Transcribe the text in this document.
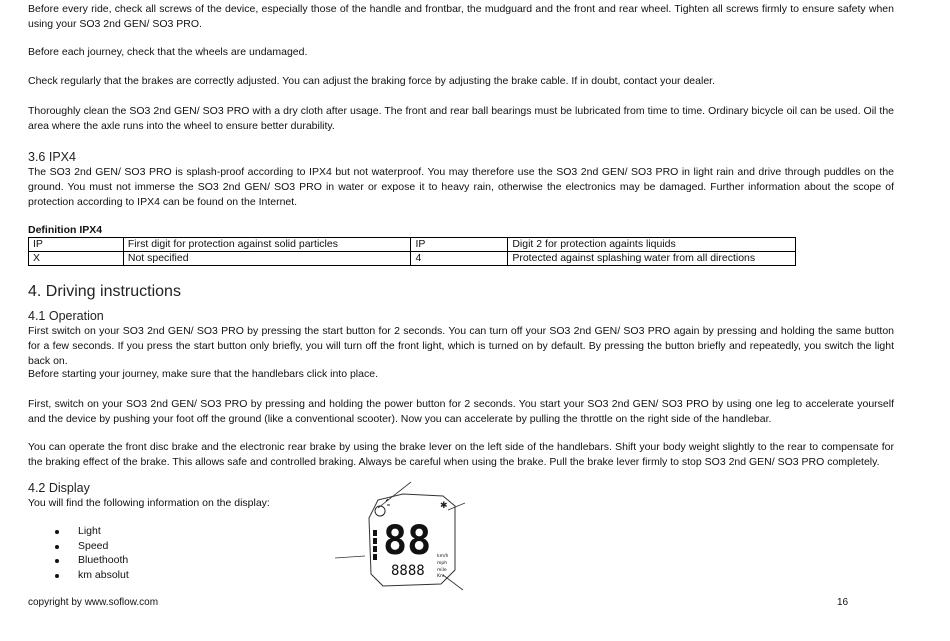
Before every ride, check all screws of the device, especially those of the handle and frontbar, the mudguard and the front and rear wheel. Tighten all screws firmly to ensure safety when using your SO3 2nd GEN/ SO3 PRO.

Before each journey, check that the wheels are undamaged.

Check regularly that the brakes are correctly adjusted. You can adjust the braking force by adjusting the brake cable. If in doubt, contact your dealer.

Thoroughly clean the SO3 2nd GEN/ SO3 PRO with a dry cloth after usage. The front and rear ball bearings must be lubricated from time to time. Ordinary bicycle oil can be used. Oil the area where the axle runs into the wheel to ensure better durability.

3.6 IPX4

The SO3 2nd GEN/ SO3 PRO is splash-proof according to IPX4 but not waterproof. You may therefore use the SO3 2nd GEN/ SO3 PRO in light rain and drive through puddles on the ground. You must not immerse the SO3 2nd GEN/ SO3 PRO in water or expose it to heavy rain, otherwise the electronics may be damaged. Further information about the scope of protection according to IPX4 can be found on the Internet.

Definition IPX4
IP	First digit for protection against solid particles	IP	Digit 2 for protection againts liquids
X	Not specified	4	Protected against splashing water from all directions
4. Driving instructions
4.1 Operation

First switch on your SO3 2nd GEN/ SO3 PRO by pressing the start button for 2 seconds. You can turn off your SO3 2nd GEN/ SO3 PRO again by pressing and holding the same button for a few seconds. If you press the start button only briefly, you will turn off the front light, which is turned on by default. By pressing the button briefly and repeatedly, you switch the light back on.

Before starting your journey, make sure that the handlebars click into place.

First, switch on your SO3 2nd GEN/ SO3 PRO by pressing and holding the power button for 2 seconds. You start your SO3 2nd GEN/ SO3 PRO by using one leg to accelerate yourself and the device by pushing your foot off the ground (like a conventional scooter). Now you can accelerate by pulling the throttle on the right side of the handlebar.

You can operate the front disc brake and the electronic rear brake by using the brake lever on the left side of the handlebars. Shift your body weight slightly to the rear to compensate for the braking effect of the brake. This allows safe and controlled braking. Always be careful when using the brake. Pull the brake lever firmly to stop SO3 2nd GEN/ SO3 PRO completely.

4.2 Display
You will find the following information on the display:
Light
Speed
Bluethooth
km absolut
✱
88
8888
km/h
mph
mile
Km
copyright by www.soflow.com	16
